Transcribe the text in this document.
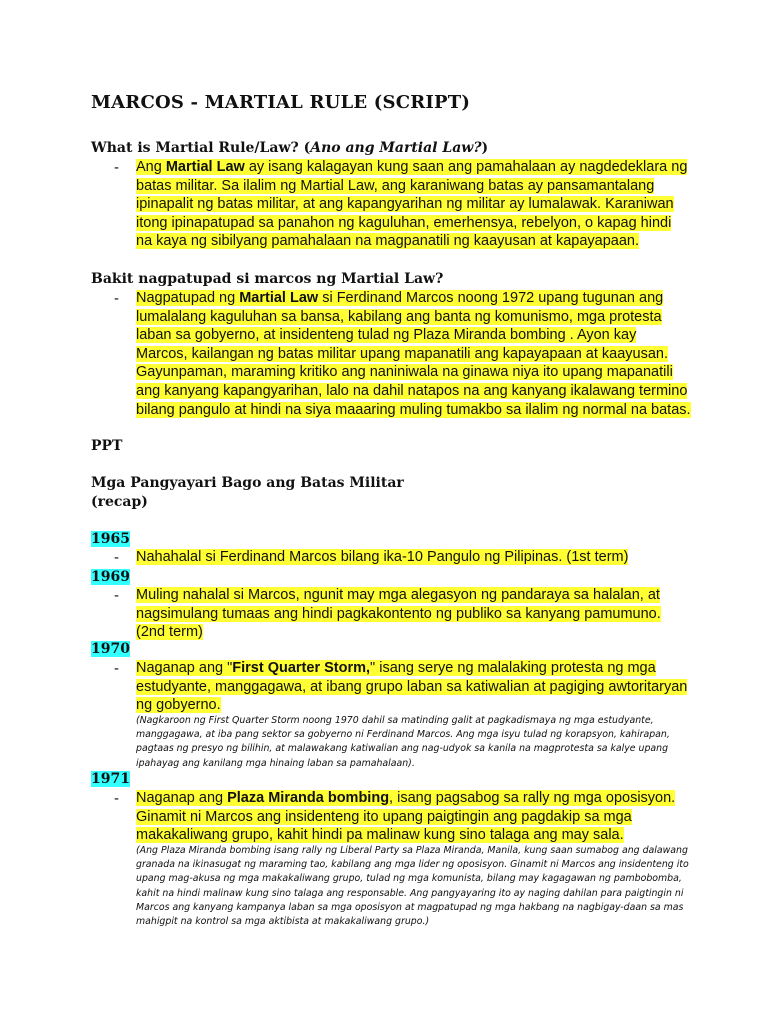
MARCOS - MARTIAL RULE (SCRIPT)
What is Martial Rule/Law? (Ano ang Martial Law?)
- Ang Martial Law ay isang kalagayan kung saan ang pamahalaan ay nagdedeklara ng batas militar. Sa ilalim ng Martial Law, ang karaniwang batas ay pansamantalang ipinapalit ng batas militar, at ang kapangyarihan ng militar ay lumalawak. Karaniwan itong ipinapatupad sa panahon ng kaguluhan, emerhensya, rebelyon, o kapag hindi na kaya ng sibilyang pamahalaan na magpanatili ng kaayusan at kapayapaan.
Bakit nagpatupad si marcos ng Martial Law?
- Nagpatupad ng Martial Law si Ferdinand Marcos noong 1972 upang tugunan ang lumalalang kaguluhan sa bansa, kabilang ang banta ng komunismo, mga protesta laban sa gobyerno, at insidenteng tulad ng Plaza Miranda bombing . Ayon kay Marcos, kailangan ng batas militar upang mapanatili ang kapayapaan at kaayusan. Gayunpaman, maraming kritiko ang naniniwala na ginawa niya ito upang mapanatili ang kanyang kapangyarihan, lalo na dahil natapos na ang kanyang ikalawang termino bilang pangulo at hindi na siya maaaring muling tumakbo sa ilalim ng normal na batas.
PPT
Mga Pangyayari Bago ang Batas Militar
(recap)
1965
- Nahahalal si Ferdinand Marcos bilang ika-10 Pangulo ng Pilipinas. (1st term)
1969
- Muling nahalal si Marcos, ngunit may mga alegasyon ng pandaraya sa halalan, at nagsimulang tumaas ang hindi pagkakontento ng publiko sa kanyang pamumuno. (2nd term)
1970
- Naganap ang "First Quarter Storm," isang serye ng malalaking protesta ng mga estudyante, manggagawa, at ibang grupo laban sa katiwalian at pagiging awtoritaryan ng gobyerno.
(Nagkaroon ng First Quarter Storm noong 1970 dahil sa matinding galit at pagkadismaya ng mga estudyante, manggagawa, at iba pang sektor sa gobyerno ni Ferdinand Marcos. Ang mga isyu tulad ng korapsyon, kahirapan, pagtaas ng presyo ng bilihin, at malawakang katiwalian ang nag-udyok sa kanila na magprotesta sa kalye upang ipahayag ang kanilang mga hinaing laban sa pamahalaan).
1971
- Naganap ang Plaza Miranda bombing, isang pagsabog sa rally ng mga oposisyon. Ginamit ni Marcos ang insidenteng ito upang paigtingin ang pagdakip sa mga makakaliwang grupo, kahit hindi pa malinaw kung sino talaga ang may sala.
(Ang Plaza Miranda bombing isang rally ng Liberal Party sa Plaza Miranda, Manila, kung saan sumabog ang dalawang granada na ikinasugat ng maraming tao, kabilang ang mga lider ng oposisyon. Ginamit ni Marcos ang insidenteng ito upang mag-akusa ng mga makakaliwang grupo, tulad ng mga komunista, bilang may kagagawan ng pambobomba, kahit na hindi malinaw kung sino talaga ang responsable. Ang pangyayaring ito ay naging dahilan para paigtingin ni Marcos ang kanyang kampanya laban sa mga oposisyon at magpatupad ng mga hakbang na nagbigay-daan sa mas mahigpit na kontrol sa mga aktibista at makakaliwang grupo.)
